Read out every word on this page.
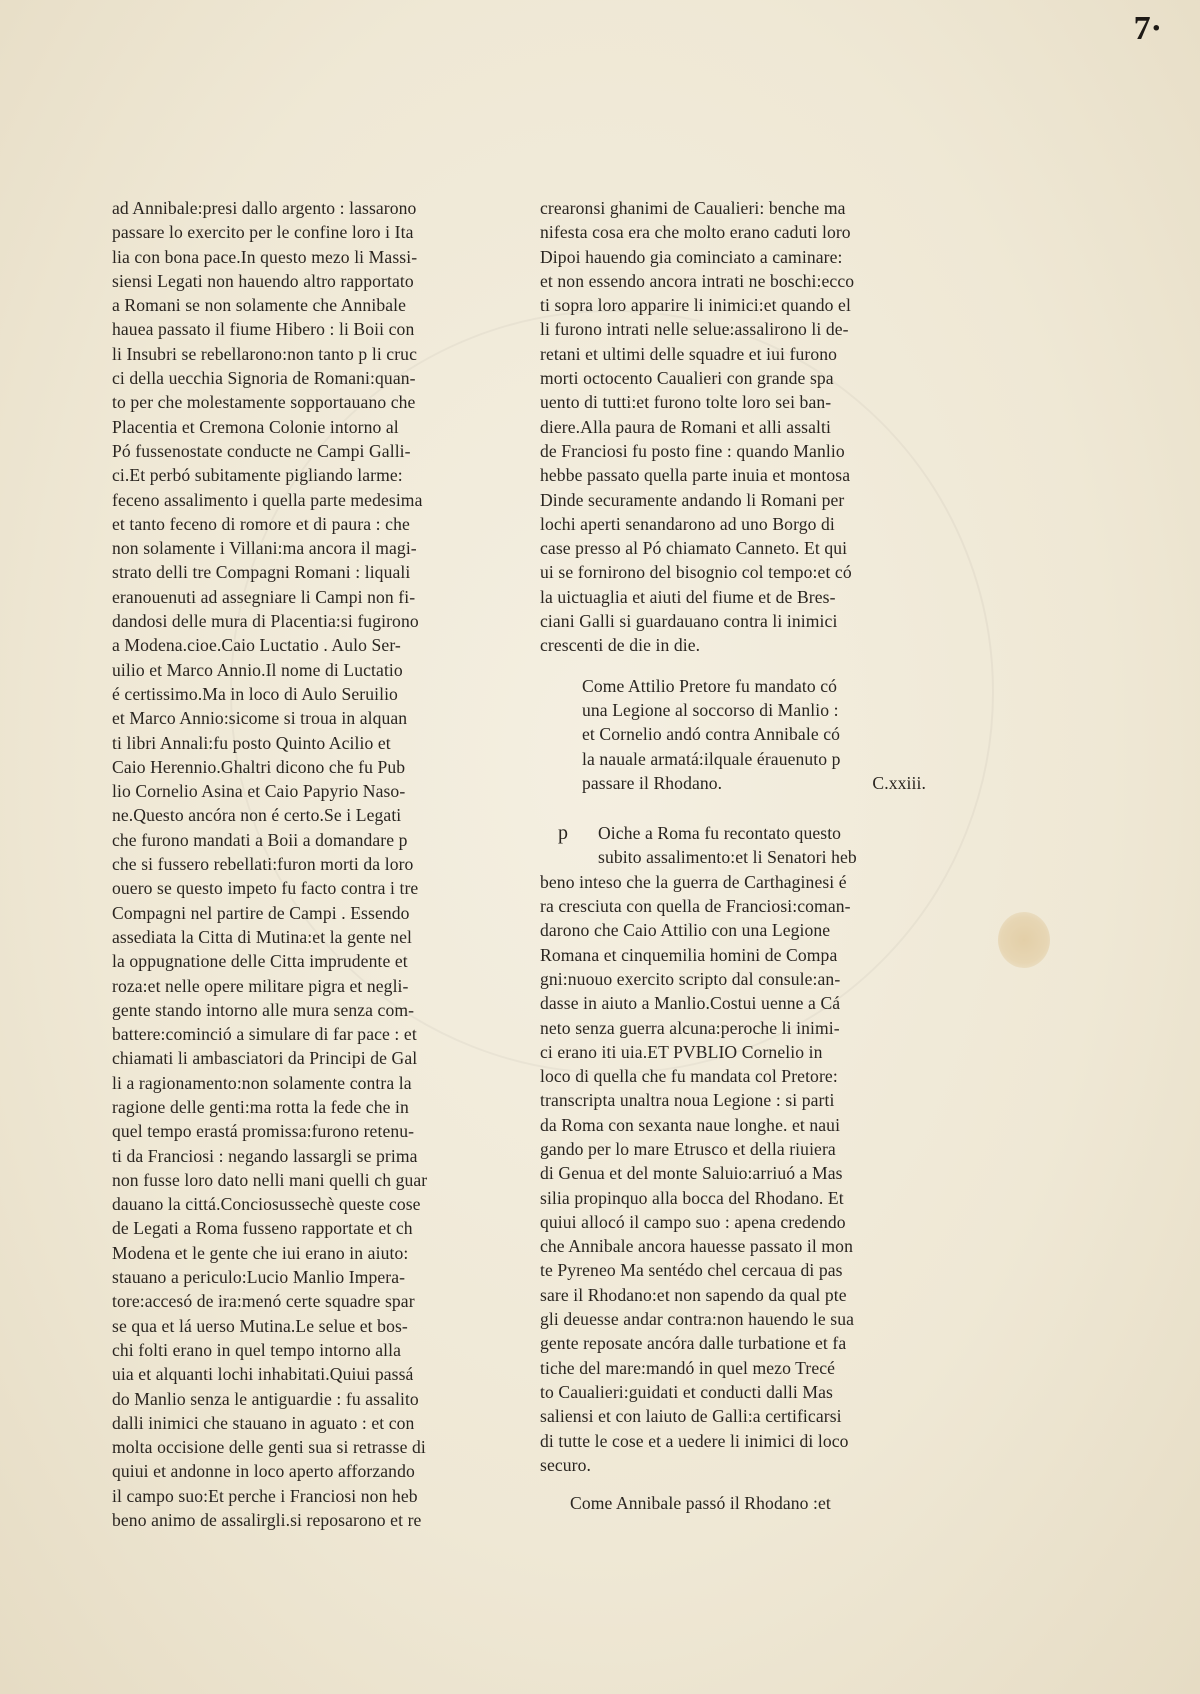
7·
ad Annibale:presi dallo argento : lassarono
passare lo exercito per le confine loro i Ita
lia con bona pace.In questo mezo li Massi-
siensi Legati non hauendo altro rapportato
a Romani se non solamente che Annibale
hauea passato il fiume Hibero : li Boii con
li Insubri se rebellarono:non tanto p li cruc
ci della uecchia Signoria de Romani:quan-
to per che molestamente sopportauano che
Placentia et Cremona Colonie intorno al
Pó fussenostate conducte ne Campi Galli-
ci.Et perbó subitamente pigliando larme:
feceno assalimento i quella parte medesima
et tanto feceno di romore et di paura : che
non solamente i Villani:ma ancora il magi-
strato delli tre Compagni Romani : liquali
eranouenuti ad assegniare li Campi non fi-
dandosi delle mura di Placentia:si fugirono
a Modena.cioe.Caio Luctatio . Aulo Ser-
uilio et Marco Annio.Il nome di Luctatio
é certissimo.Ma in loco di Aulo Seruilio
et Marco Annio:sicome si troua in alquan
ti libri Annali:fu posto Quinto Acilio et
Caio Herennio.Ghaltri dicono che fu Pub
lio Cornelio Asina et Caio Papyrio Naso-
ne.Questo ancóra non é certo.Se i Legati
che furono mandati a Boii a domandare p
che si fussero rebellati:furon morti da loro
ouero se questo impeto fu facto contra i tre
Compagni nel partire de Campi . Essendo
assediata la Citta di Mutina:et la gente nel
la oppugnatione delle Citta imprudente et
roza:et nelle opere militare pigra et negli-
gente stando intorno alle mura senza com-
battere:cominció a simulare di far pace : et
chiamati li ambasciatori da Principi de Gal
li a ragionamento:non solamente contra la
ragione delle genti:ma rotta la fede che in
quel tempo erastá promissa:furono retenu-
ti da Franciosi : negando lassargli se prima
non fusse loro dato nelli mani quelli ch guar
dauano la cittá.Conciosussechè queste cose
de Legati a Roma fusseno rapportate et ch
Modena et le gente che iui erano in aiuto:
stauano a periculo:Lucio Manlio Impera-
tore:accesó de ira:menó certe squadre spar
se qua et lá uerso Mutina.Le selue et bos-
chi folti erano in quel tempo intorno alla
uia et alquanti lochi inhabitati.Quiui passá
do Manlio senza le antiguardie : fu assalito
dalli inimici che stauano in aguato : et con
molta occisione delle genti sua si retrasse di
quiui et andonne in loco aperto afforzando
il campo suo:Et perche i Franciosi non heb
beno animo de assalirgli.si reposarono et re
crearonsi ghanimi de Caualieri: benche ma
nifesta cosa era che molto erano caduti loro
Dipoi hauendo gia cominciato a caminare:
et non essendo ancora intrati ne boschi:ecco
ti sopra loro apparire li inimici:et quando el
li furono intrati nelle selue:assalirono li de-
retani et ultimi delle squadre et iui furono
morti octocento Caualieri con grande spa
uento di tutti:et furono tolte loro sei ban-
diere.Alla paura de Romani et alli assalti
de Franciosi fu posto fine : quando Manlio
hebbe passato quella parte inuia et montosa
Dinde securamente andando li Romani per
lochi aperti senandarono ad uno Borgo di
case presso al Pó chiamato Canneto. Et qui
ui se fornirono del bisognio col tempo:et có
la uictuaglia et aiuti del fiume et de Bres-
ciani Galli si guardauano contra li inimici
crescenti de die in die.
Come Attilio Pretore fu mandato có
una Legione al soccorso di Manlio :
et Cornelio andó contra Annibale có
la nauale armatá:ilquale érauenuto p
passare il Rhodano.	C.xxiii.
p	Oiche a Roma fu recontato questo
subito assalimento:et li Senatori heb
beno inteso che la guerra de Carthaginesi é
ra cresciuta con quella de Franciosi:coman-
darono che Caio Attilio con una Legione
Romana et cinquemilia homini de Compa
gni:nuouo exercito scripto dal consule:an-
dasse in aiuto a Manlio.Costui uenne a Cá
neto senza guerra alcuna:peroche li inimi-
ci erano iti uia.ET PVBLIO Cornelio in
loco di quella che fu mandata col Pretore:
transcripta unaltra noua Legione : si parti
da Roma con sexanta naue longhe. et naui
gando per lo mare Etrusco et della riuiera
di Genua et del monte Saluio:arriuó a Mas
silia propinquo alla bocca del Rhodano. Et
quiui allocó il campo suo : apena credendo
che Annibale ancora hauesse passato il mon
te Pyreneo Ma sentédo chel cercaua di pas
sare il Rhodano:et non sapendo da qual pte
gli deuesse andar contra:non hauendo le sua
gente reposate ancóra dalle turbatione et fa
tiche del mare:mandó in quel mezo Trecé
to Caualieri:guidati et conducti dalli Mas
saliensi et con laiuto de Galli:a certificarsi
di tutte le cose et a uedere li inimici di loco
securo.
Come Annibale passó il Rhodano :et
